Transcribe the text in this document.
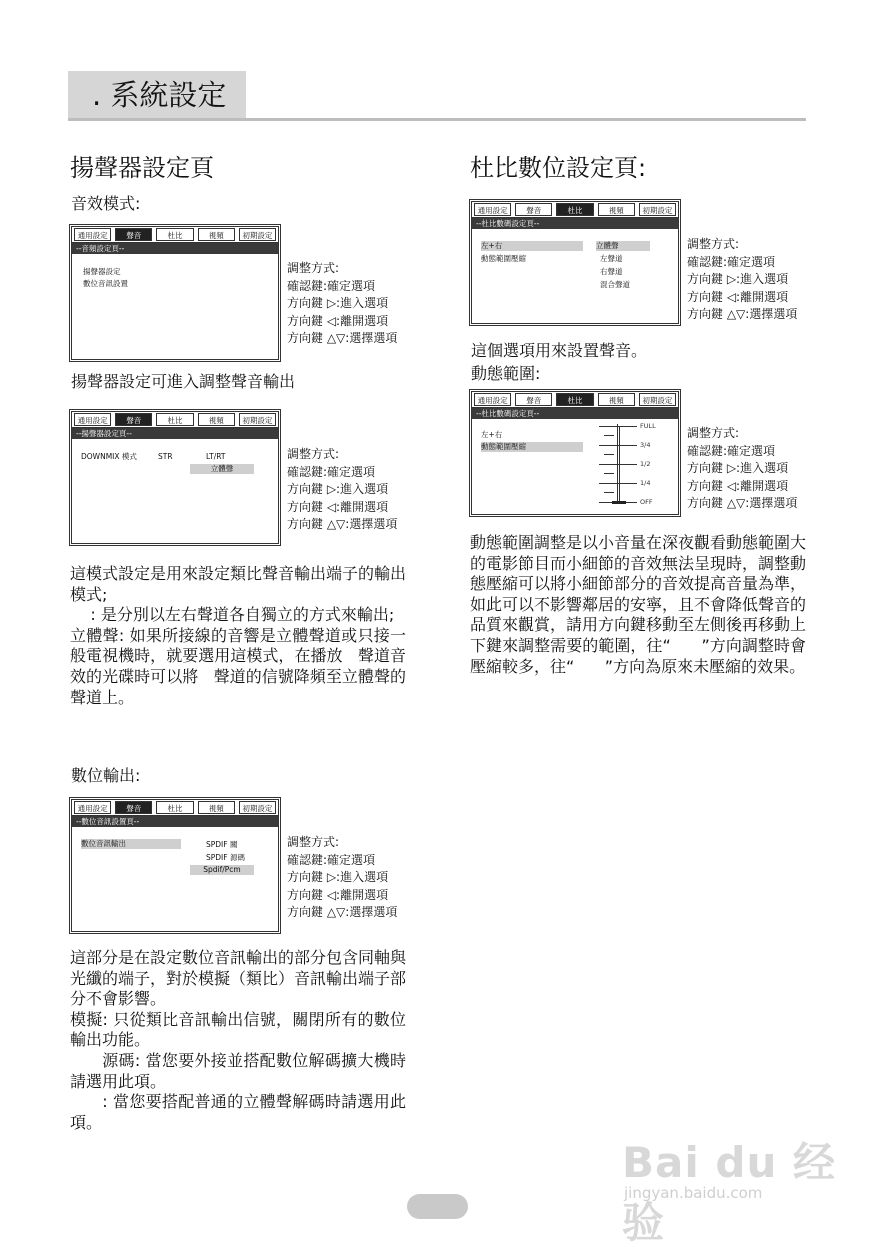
. 系統設定
揚聲器設定頁
音效模式:
通用設定	聲音	杜比	視頻	初期設定
--音頻設定頁--
揚聲器設定
數位音訊設置
調整方式:
確認鍵:確定選項
方向鍵 ▷:進入選項
方向鍵 ◁:離開選項
方向鍵 △▽:選擇選項
揚聲器設定可進入調整聲音輸出
通用設定	聲音	杜比	視頻	初期設定
--揚聲器設定頁--
DOWNMIX 模式	STR	LT/RT
立體聲
調整方式:
確認鍵:確定選項
方向鍵 ▷:進入選項
方向鍵 ◁:離開選項
方向鍵 △▽:選擇選項

這模式設定是用來設定類比聲音輸出端子的輸出模式;

: 是分別以左右聲道各自獨立的方式來輸出;

立體聲: 如果所接線的音響是立體聲道或只接一般電視機時，就要選用這模式，在播放   聲道音效的光碟時可以將   聲道的信號降頻至立體聲的 聲道上。

數位輸出:
通用設定	聲音	杜比	視頻	初期設定
--數位音訊設置頁--
數位音訊輸出	SPDIF 關
SPDIF 源碼
Spdif/Pcm
調整方式:
確認鍵:確定選項
方向鍵 ▷:進入選項
方向鍵 ◁:離開選項
方向鍵 △▽:選擇選項

這部分是在設定數位音訊輸出的部分包含同軸與光纖的端子，對於模擬（類比）音訊輸出端子部分不會影響。

模擬: 只從類比音訊輸出信號，關閉所有的數位輸出功能。

源碼: 當您要外接並搭配數位解碼擴大機時請選用此項。

: 當您要搭配普通的立體聲解碼時請選用此項。

杜比數位設定頁:
通用設定	聲音	杜比	視頻	初期設定
--杜比數碼設定頁--
左+右
動態範圍壓縮
立體聲
左聲道
右聲道
混合聲道
調整方式:
確認鍵:確定選項
方向鍵 ▷:進入選項
方向鍵 ◁:離開選項
方向鍵 △▽:選擇選項
這個選項用來設置聲音。
動態範圍:
通用設定	聲音	杜比	視頻	初期設定
--杜比數碼設定頁--
左+右
動態範圍壓縮
FULL
3/4
1/2
1/4
OFF
調整方式:
確認鍵:確定選項
方向鍵 ▷:進入選項
方向鍵 ◁:離開選項
方向鍵 △▽:選擇選項
動態範圍調整是以小音量在深夜觀看動態範圍大的電影節目而小細節的音效無法呈現時，調整動態壓縮可以將小細節部分的音效提高音量為準，如此可以不影響鄰居的安寧，且不會降低聲音的品質來觀賞，請用方向鍵移動至左側後再移動上下鍵來調整需要的範圍，往“      ”方向調整時會壓縮較多，往“      ”方向為原來未壓縮的效果。
Bai du 经验
jingyan.baidu.com
